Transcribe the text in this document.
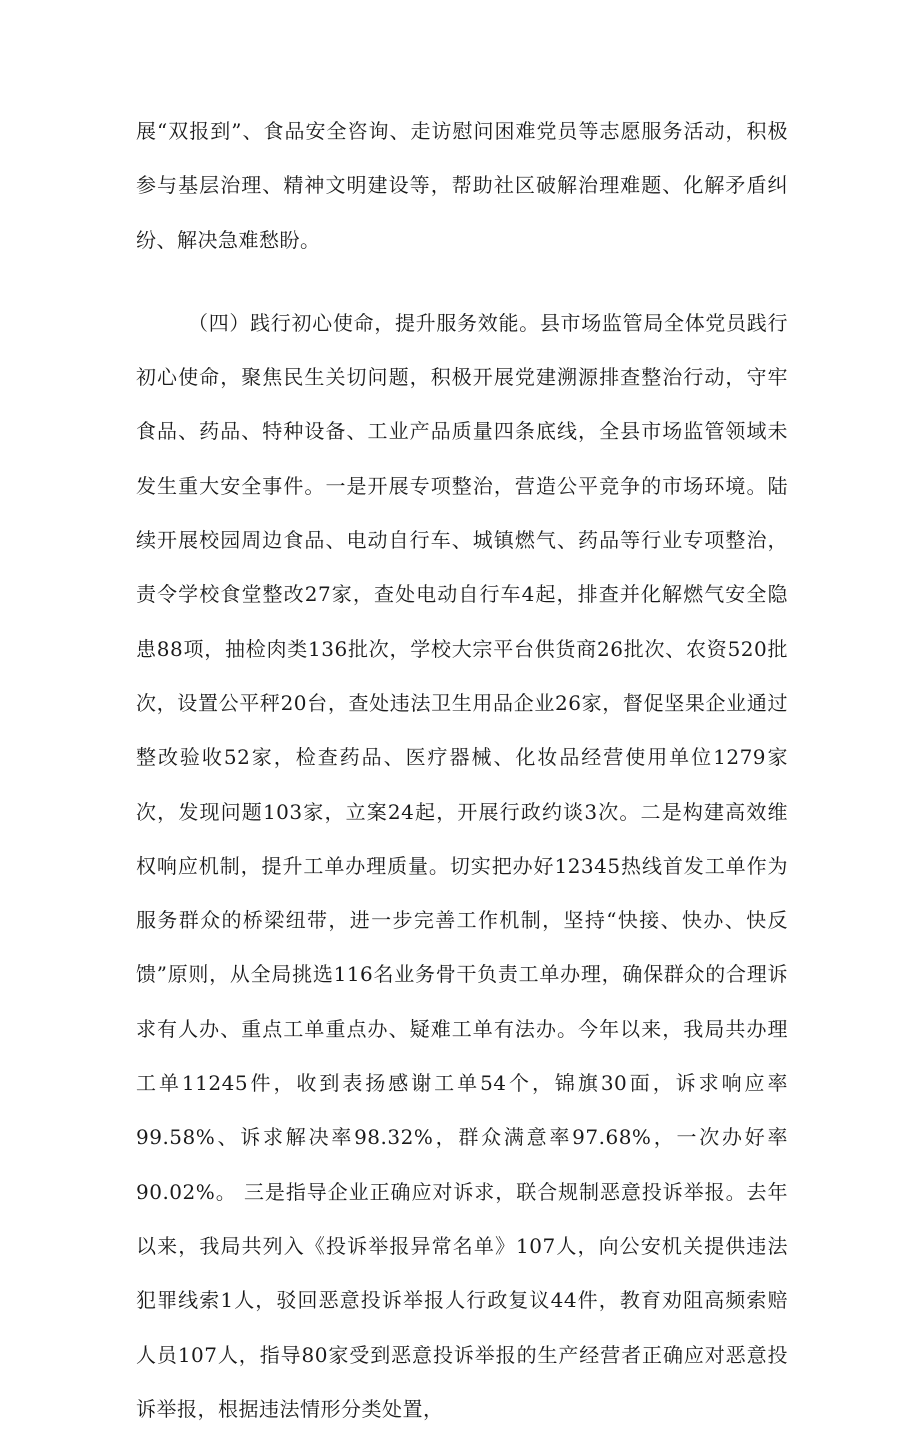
展“双报到”、食品安全咨询、走访慰问困难党员等志愿服务活动，积极参与基层治理、精神文明建设等，帮助社区破解治理难题、化解矛盾纠纷、解决急难愁盼。

（四）践行初心使命，提升服务效能。县市场监管局全体党员践行初心使命，聚焦民生关切问题，积极开展党建溯源排查整治行动，守牢食品、药品、特种设备、工业产品质量四条底线，全县市场监管领域未发生重大安全事件。一是开展专项整治，营造公平竞争的市场环境。陆续开展校园周边食品、电动自行车、城镇燃气、药品等行业专项整治，责令学校食堂整改27家，查处电动自行车4起，排查并化解燃气安全隐患88项，抽检肉类136批次，学校大宗平台供货商26批次、农资520批次，设置公平秤20台，查处违法卫生用品企业26家，督促坚果企业通过整改验收52家，检查药品、医疗器械、化妆品经营使用单位1279家次，发现问题103家，立案24起，开展行政约谈3次。二是构建高效维权响应机制，提升工单办理质量。切实把办好12345热线首发工单作为服务群众的桥梁纽带，进一步完善工作机制，坚持“快接、快办、快反馈”原则，从全局挑选116名业务骨干负责工单办理，确保群众的合理诉求有人办、重点工单重点办、疑难工单有法办。今年以来，我局共办理工单11245件，收到表扬感谢工单54个，锦旗30面，诉求响应率99.58%、诉求解决率98.32%，群众满意率97.68%，一次办好率90.02%。 三是指导企业正确应对诉求，联合规制恶意投诉举报。去年以来，我局共列入《投诉举报异常名单》107人，向公安机关提供违法犯罪线索1人，驳回恶意投诉举报人行政复议44件，教育劝阻高频索赔人员107人，指导80家受到恶意投诉举报的生产经营者正确应对恶意投诉举报，根据违法情形分类处置，
